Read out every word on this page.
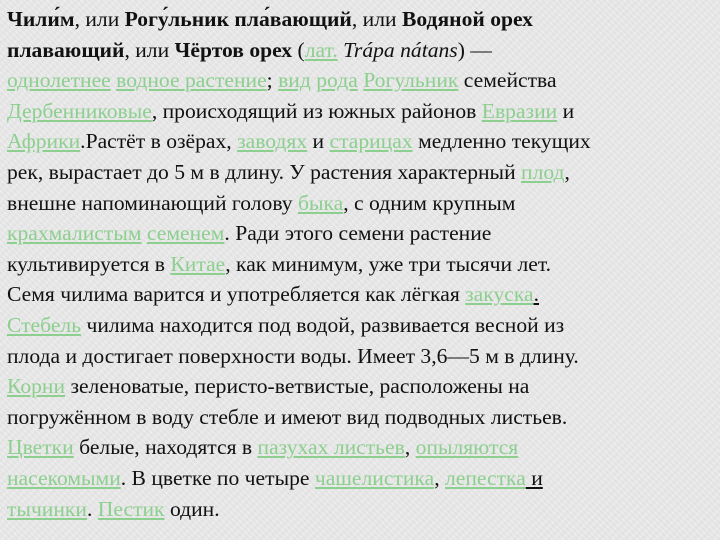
Чили́м, или Рогу́льник пла́вающий, или Водяной орех
плавающий, или Чёртов орех (лат. Trápa nátans) —
однолетнее водное растение; вид рода Рогульник семейства
Дербенниковые, происходящий из южных районов Евразии и
Африки.Растёт в озёрах, заводях и старицах медленно текущих
рек, вырастает до 5 м в длину. У растения характерный плод,
внешне напоминающий голову быка, с одним крупным
крахмалистым семенем. Ради этого семени растение
культивируется в Китае, как минимум, уже три тысячи лет.
Семя чилима варится и употребляется как лёгкая закуска.
Стебель чилима находится под водой, развивается весной из
плода и достигает поверхности воды. Имеет 3,6—5 м в длину.
Корни зеленоватые, перисто-ветвистые, расположены на
погружённом в воду стебле и имеют вид подводных листьев.
Цветки белые, находятся в пазухах листьев, опыляются
насекомыми. В цветке по четыре чашелистика, лепестка и
тычинки. Пестик один.
